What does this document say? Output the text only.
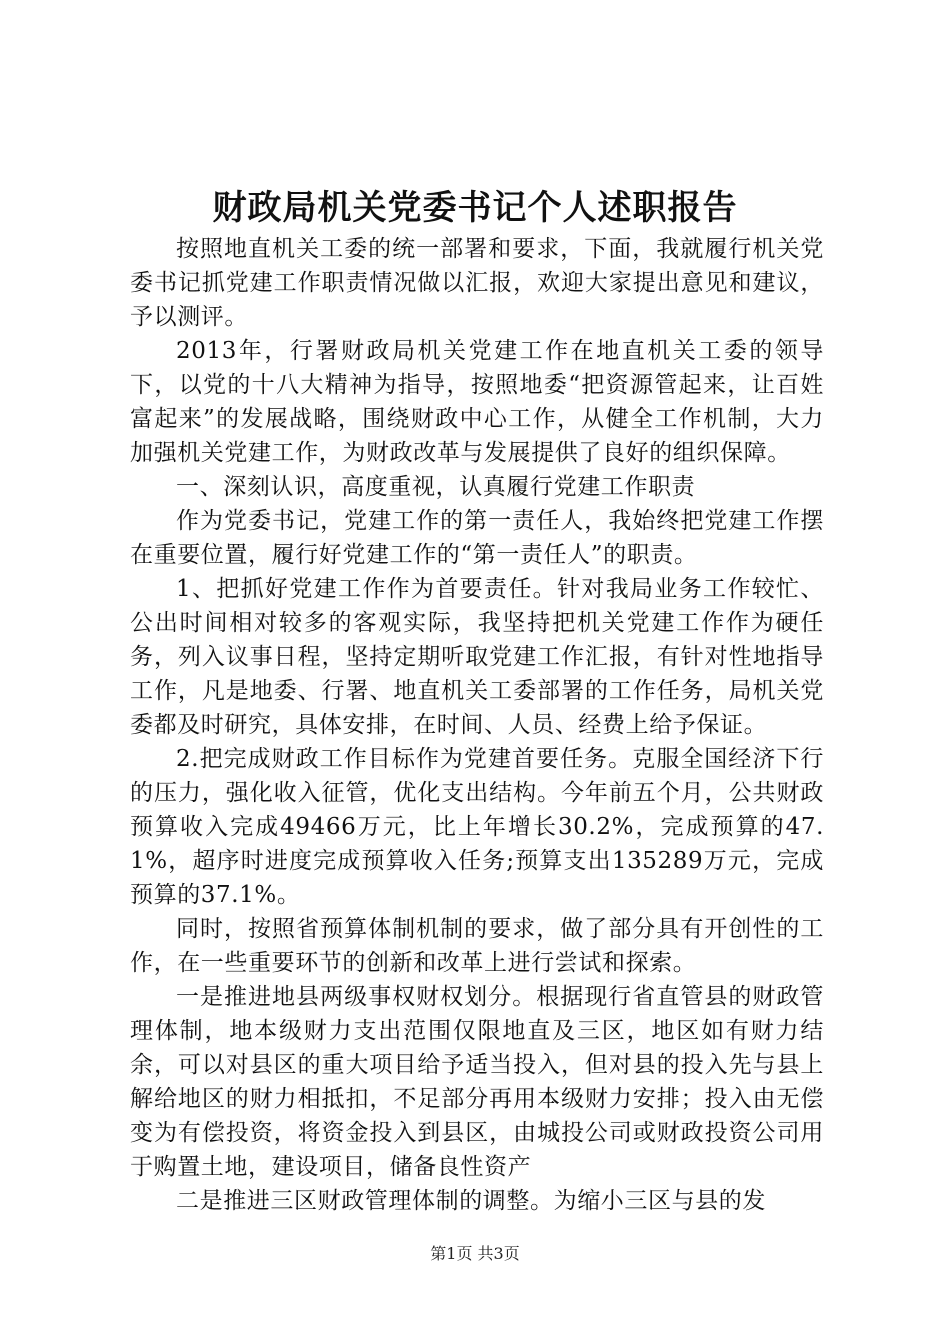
财政局机关党委书记个人述职报告

按照地直机关工委的统一部署和要求，下面，我就履行机关党委书记抓党建工作职责情况做以汇报，欢迎大家提出意见和建议，予以测评。

2013年，行署财政局机关党建工作在地直机关工委的领导下，以党的十八大精神为指导，按照地委“把资源管起来，让百姓富起来”的发展战略，围绕财政中心工作，从健全工作机制，大力加强机关党建工作，为财政改革与发展提供了良好的组织保障。

一、深刻认识，高度重视，认真履行党建工作职责

作为党委书记，党建工作的第一责任人，我始终把党建工作摆在重要位置，履行好党建工作的“第一责任人”的职责。

1、把抓好党建工作作为首要责任。针对我局业务工作较忙、公出时间相对较多的客观实际，我坚持把机关党建工作作为硬任务，列入议事日程，坚持定期听取党建工作汇报，有针对性地指导工作，凡是地委、行署、地直机关工委部署的工作任务，局机关党委都及时研究，具体安排，在时间、人员、经费上给予保证。

2.把完成财政工作目标作为党建首要任务。克服全国经济下行的压力，强化收入征管，优化支出结构。今年前五个月，公共财政预算收入完成49466万元，比上年增长30.2%，完成预算的47.1%，超序时进度完成预算收入任务;预算支出135289万元，完成预算的37.1%。

同时，按照省预算体制机制的要求，做了部分具有开创性的工作，在一些重要环节的创新和改革上进行尝试和探索。

一是推进地县两级事权财权划分。根据现行省直管县的财政管理体制，地本级财力支出范围仅限地直及三区，地区如有财力结余，可以对县区的重大项目给予适当投入，但对县的投入先与县上解给地区的财力相抵扣，不足部分再用本级财力安排；投入由无偿变为有偿投资，将资金投入到县区，由城投公司或财政投资公司用于购置土地，建设项目，储备良性资产

二是推进三区财政管理体制的调整。为缩小三区与县的发

第1页 共3页
